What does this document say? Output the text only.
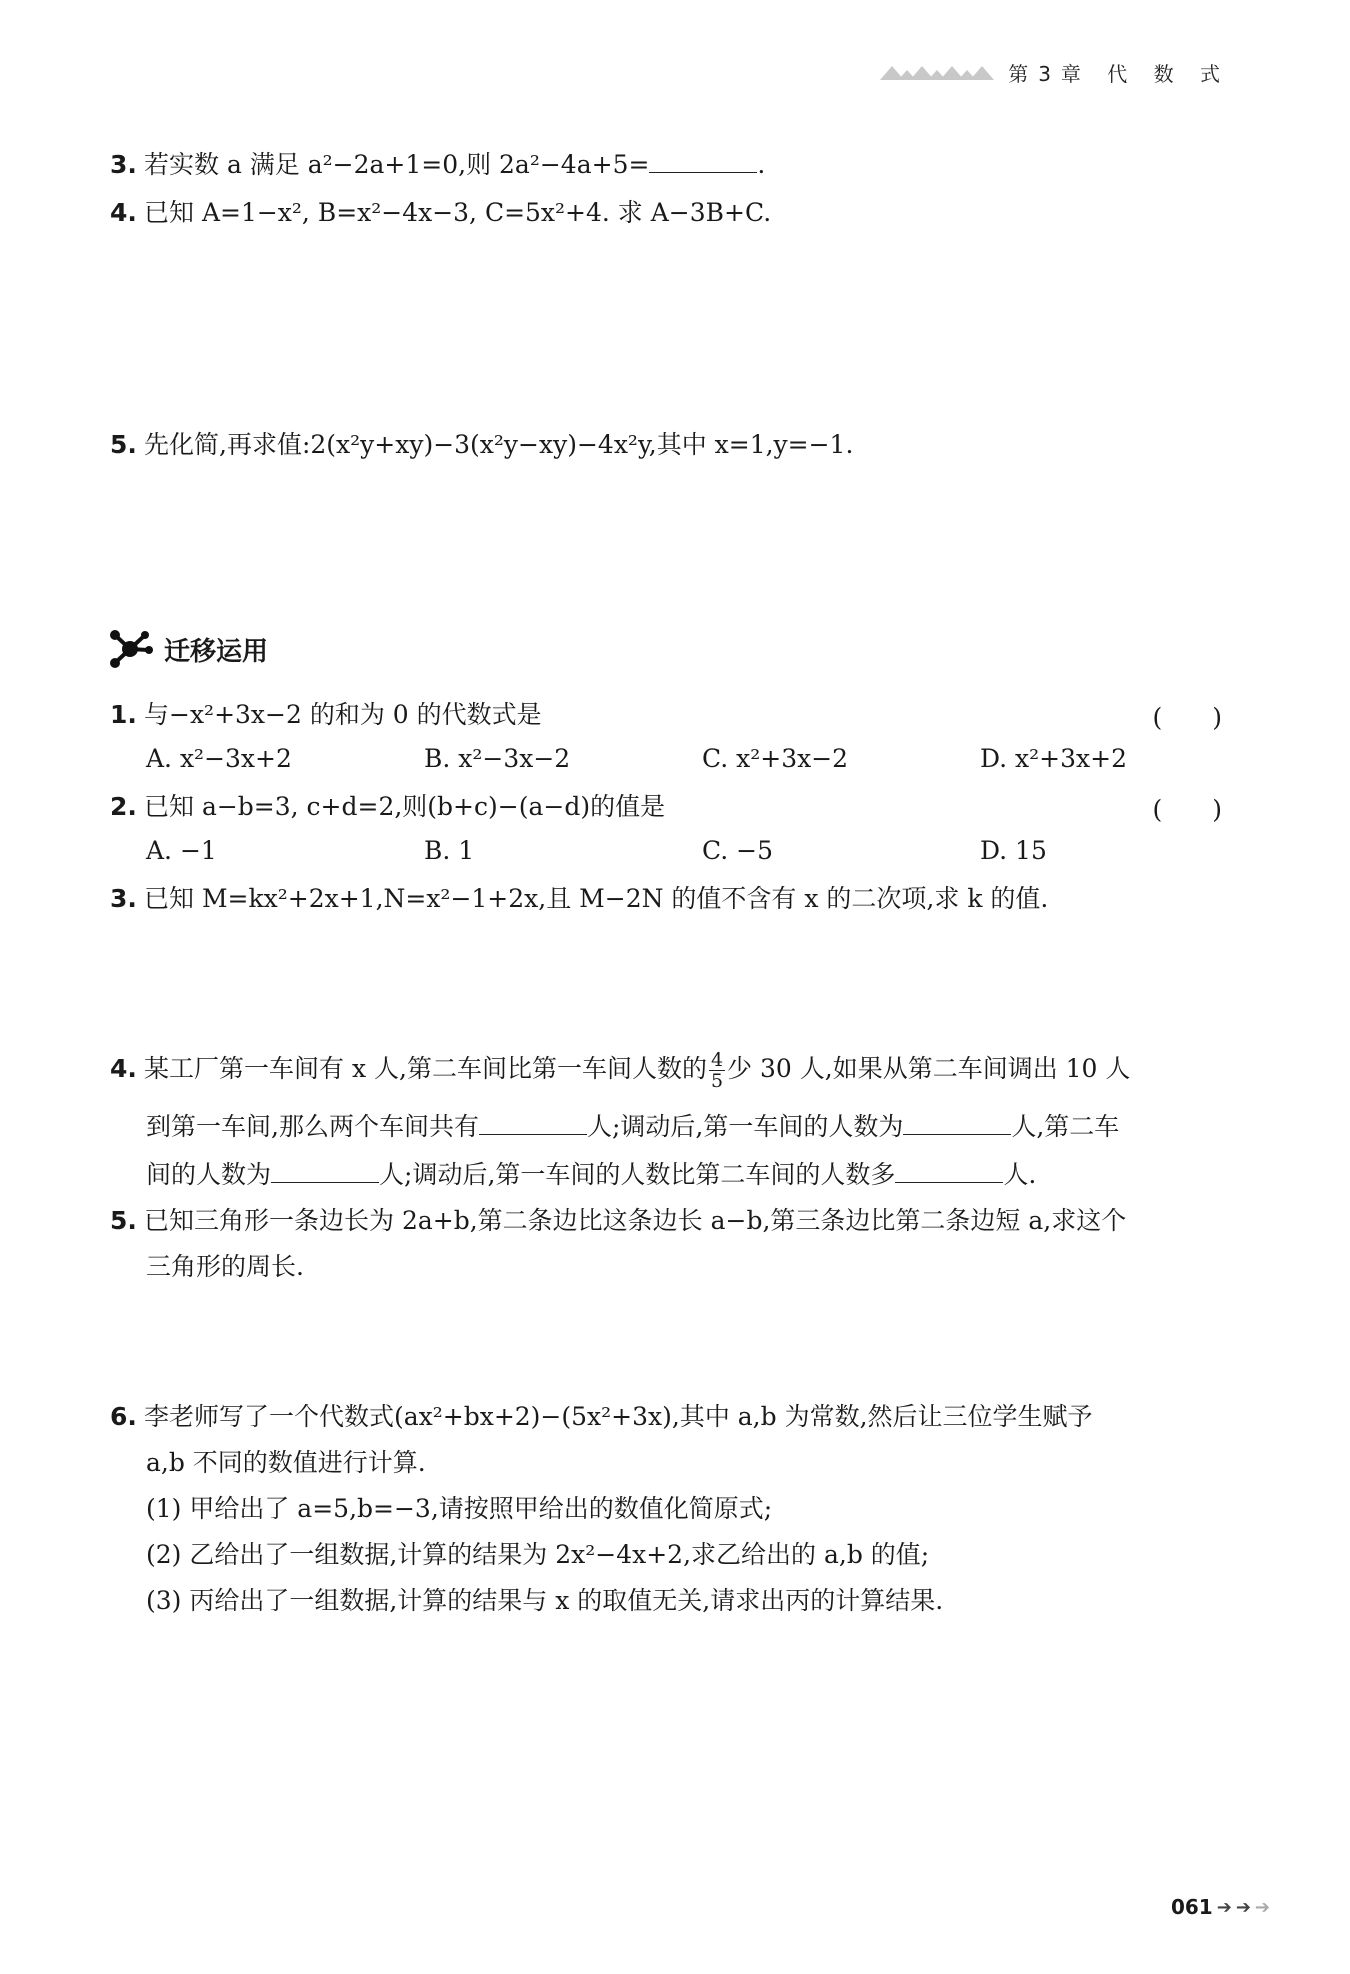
第3章 代 数 式
3. 若实数 a 满足 a²−2a+1=0,则 2a²−4a+5=	.
4. 已知 A=1−x², B=x²−4x−3, C=5x²+4. 求 A−3B+C.
5. 先化简,再求值:2(x²y+xy)−3(x²y−xy)−4x²y,其中 x=1,y=−1.
迁移运用
1. 与−x²+3x−2 的和为 0 的代数式是	(　　)
A. x²−3x+2	B. x²−3x−2	C. x²+3x−2	D. x²+3x+2
2. 已知 a−b=3, c+d=2,则(b+c)−(a−d)的值是	(　　)
A. −1	B. 1	C. −5	D. 15
3. 已知 M=kx²+2x+1,N=x²−1+2x,且 M−2N 的值不含有 x 的二次项,求 k 的值.
4. 某工厂第一车间有 x 人,第二车间比第一车间人数的 $\frac{4}{5}$ 少 30 人,如果从第二车间调出 10 人
到第一车间,那么两个车间共有	人;调动后,第一车间的人数为	人,第二车
间的人数为	人;调动后,第一车间的人数比第二车间的人数多	人.
5. 已知三角形一条边长为 2a+b,第二条边比这条边长 a−b,第三条边比第二条边短 a,求这个
三角形的周长.
6. 李老师写了一个代数式(ax²+bx+2)−(5x²+3x),其中 a,b 为常数,然后让三位学生赋予
a,b 不同的数值进行计算.
(1) 甲给出了 a=5,b=−3,请按照甲给出的数值化简原式;
(2) 乙给出了一组数据,计算的结果为 2x²−4x+2,求乙给出的 a,b 的值;
(3) 丙给出了一组数据,计算的结果与 x 的取值无关,请求出丙的计算结果.
061 ➔ ➔ ➔
